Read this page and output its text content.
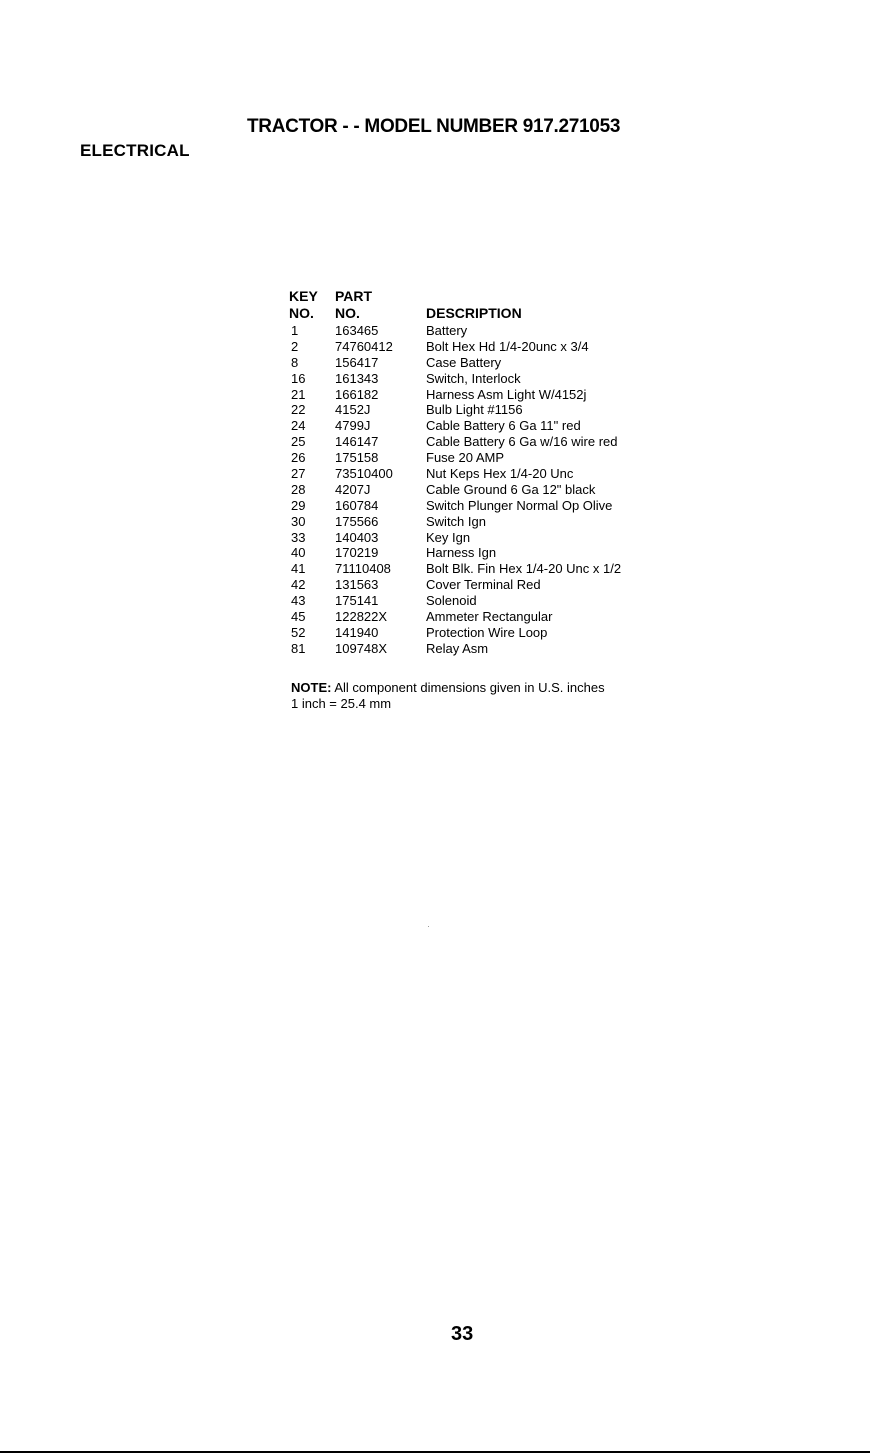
TRACTOR - - MODEL NUMBER 917.271053
ELECTRICAL
KEY	PART
NO.	NO.	DESCRIPTION
1	163465	Battery
2	74760412	Bolt Hex Hd 1/4-20unc x 3/4
8	156417	Case Battery
16	161343	Switch, Interlock
21	166182	Harness Asm Light W/4152j
22	4152J	Bulb Light #1156
24	4799J	Cable Battery 6 Ga 11" red
25	146147	Cable Battery 6 Ga w/16 wire red
26	175158	Fuse 20 AMP
27	73510400	Nut Keps Hex 1/4-20 Unc
28	4207J	Cable Ground 6 Ga 12" black
29	160784	Switch Plunger Normal Op Olive
30	175566	Switch Ign
33	140403	Key Ign
40	170219	Harness Ign
41	71110408	Bolt Blk. Fin Hex 1/4-20 Unc x 1/2
42	131563	Cover Terminal Red
43	175141	Solenoid
45	122822X	Ammeter Rectangular
52	141940	Protection Wire Loop
81	109748X	Relay Asm
NOTE: All component dimensions given in U.S. inches
1 inch = 25.4 mm
33
